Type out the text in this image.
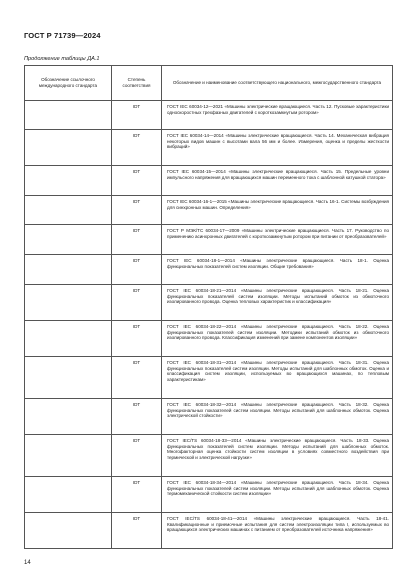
ГОСТ Р 71739—2024
Продолжение таблицы ДА.1
Обозначение ссылочного международного стандарта	Степень соответствия	Обозначение и наименование соответствующего национального, межгосударственного стандарта
	IDT	ГОСТ IEC 60034-12—2021 «Машины электрические вращающиеся. Часть 12. Пусковые характеристики односкоростных трехфазных двигателей с короткозамкнутым ротором»
	IDT	ГОСТ IEC 60034-14—2014 «Машины электрические вращающиеся. Часть 14. Механическая вибрация некоторых видов машин с высотами вала 56 мм и более. Измерения, оценка и пределы жесткости вибраций»
	IDT	ГОСТ IEC 60034-15—2014 «Машины электрические вращающиеся. Часть 15. Предельные уровни импульсного напряжения для вращающихся машин переменного тока с шаблонной катушкой статора»
	IDT	ГОСТ IEC 60034-16-1—2015 «Машины электрические вращающиеся. Часть 16-1. Системы возбуждения для синхронных машин. Определения»
	IDT	ГОСТ Р МЭК/ТС 60034-17—2009 «Машины электрические вращающиеся. Часть 17. Руководство по применению асинхронных двигателей с короткозамкнутым ротором при питании от преобразователей»
	IDT	ГОСТ IEC 60034-18-1—2014 «Машины электрические вращающиеся. Часть 18-1. Оценка функциональных показателей систем изоляции. Общие требования»
	IDT	ГОСТ IEC 60034-18-21—2014 «Машины электрические вращающиеся. Часть 18-21. Оценка функциональных показателей систем изоляции. Методы испытаний обмоток из обмоточного изолированного провода. Оценка тепловых характеристик и классификация»
	IDT	ГОСТ IEC 60034-18-22—2014 «Машины электрические вращающиеся. Часть 18-22. Оценка функциональных показателей систем изоляции. Методики испытаний обмоток из обмоточного изолированного провода. Классификация изменений при замене компонентов изоляции»
	IDT	ГОСТ IEC 60034-18-31—2014 «Машины электрические вращающиеся. Часть 18-31. Оценка функциональных показателей систем изоляции. Методы испытаний для шаблонных обмоток. Оценка и классификация систем изоляции, используемых во вращающихся машинах, по тепловым характеристикам»
	IDT	ГОСТ IEC 60034-18-32—2014 «Машины электрические вращающиеся. Часть 18-32. Оценка функциональных показателей систем изоляции. Методы испытаний для шаблонных обмоток. Оценка электрической стойкости»
	IDT	ГОСТ IEC/TS 60034-18-33—2014 «Машины электрические вращающиеся. Часть 18-33. Оценка функциональных показателей систем изоляции. Методы испытаний для шаблонных обмоток. Многофакторная оценка стойкости систем изоляции в условиях совместного воздействия при термической и электрической нагрузке»
	IDT	ГОСТ IEC 60034-18-34—2014 «Машины электрические вращающиеся. Часть 18-34. Оценка функциональных показателей систем изоляции. Методы испытаний для шаблонных обмоток. Оценка термомеханической стойкости систем изоляции»
	IDT	ГОСТ IEC/TS 60034-18-41—2014 «Машины электрические вращающиеся. Часть 18-41. Квалификационные и приемочные испытания для систем электроизоляции типа I, используемых во вращающихся электрических машинах с питанием от преобразователей источника напряжения»
14
